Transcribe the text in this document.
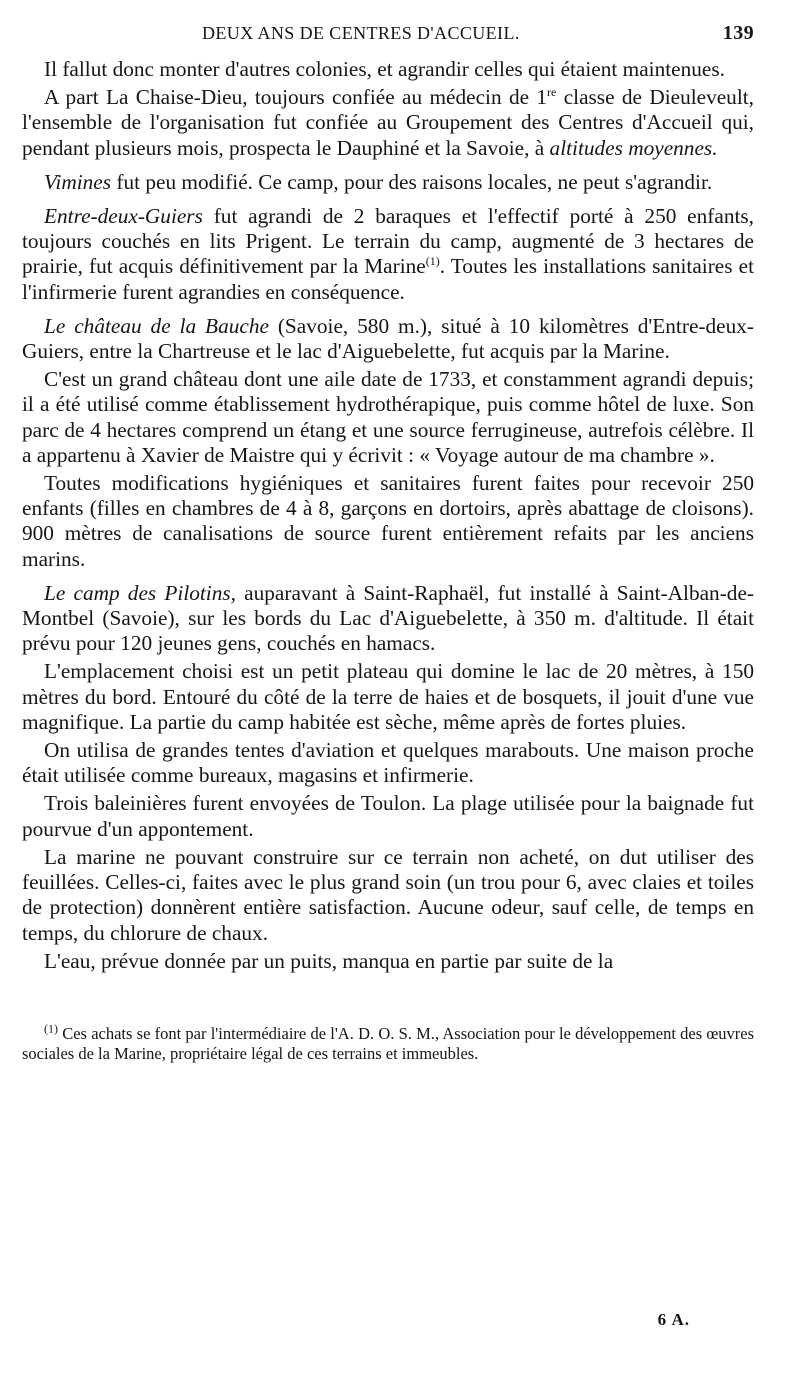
DEUX ANS DE CENTRES D'ACCUEIL.	139

Il fallut donc monter d'autres colonies, et agrandir celles qui étaient maintenues.

A part La Chaise-Dieu, toujours confiée au médecin de 1re classe de Dieuleveult, l'ensemble de l'organisation fut confiée au Groupement des Centres d'Accueil qui, pendant plusieurs mois, prospecta le Dauphiné et la Savoie, à altitudes moyennes.

Vimines fut peu modifié. Ce camp, pour des raisons locales, ne peut s'agrandir.

Entre-deux-Guiers fut agrandi de 2 baraques et l'effectif porté à 250 enfants, toujours couchés en lits Prigent. Le terrain du camp, augmenté de 3 hectares de prairie, fut acquis définitivement par la Marine$^{(1)}$. Toutes les installations sanitaires et l'infirmerie furent agrandies en conséquence.

Le château de la Bauche (Savoie, 580 m.), situé à 10 kilomètres d'Entre-deux-Guiers, entre la Chartreuse et le lac d'Aiguebelette, fut acquis par la Marine.

C'est un grand château dont une aile date de 1733, et constamment agrandi depuis; il a été utilisé comme établissement hydrothérapique, puis comme hôtel de luxe. Son parc de 4 hectares comprend un étang et une source ferrugineuse, autrefois célèbre. Il a appartenu à Xavier de Maistre qui y écrivit : « Voyage autour de ma chambre ».

Toutes modifications hygiéniques et sanitaires furent faites pour recevoir 250 enfants (filles en chambres de 4 à 8, garçons en dortoirs, après abattage de cloisons). 900 mètres de canalisations de source furent entièrement refaits par les anciens marins.

Le camp des Pilotins, auparavant à Saint-Raphaël, fut installé à Saint-Alban-de-Montbel (Savoie), sur les bords du Lac d'Aiguebelette, à 350 m. d'altitude. Il était prévu pour 120 jeunes gens, couchés en hamacs.

L'emplacement choisi est un petit plateau qui domine le lac de 20 mètres, à 150 mètres du bord. Entouré du côté de la terre de haies et de bosquets, il jouit d'une vue magnifique. La partie du camp habitée est sèche, même après de fortes pluies.

On utilisa de grandes tentes d'aviation et quelques marabouts. Une maison proche était utilisée comme bureaux, magasins et infirmerie.

Trois baleinières furent envoyées de Toulon. La plage utilisée pour la baignade fut pourvue d'un appontement.

La marine ne pouvant construire sur ce terrain non acheté, on dut utiliser des feuillées. Celles-ci, faites avec le plus grand soin (un trou pour 6, avec claies et toiles de protection) donnèrent entière satisfaction. Aucune odeur, sauf celle, de temps en temps, du chlorure de chaux.

L'eau, prévue donnée par un puits, manqua en partie par suite de la

$^{(1)}$ Ces achats se font par l'intermédiaire de l'A. D. O. S. M., Association pour le développement des œuvres sociales de la Marine, propriétaire légal de ces terrains et immeubles.

6 A.
